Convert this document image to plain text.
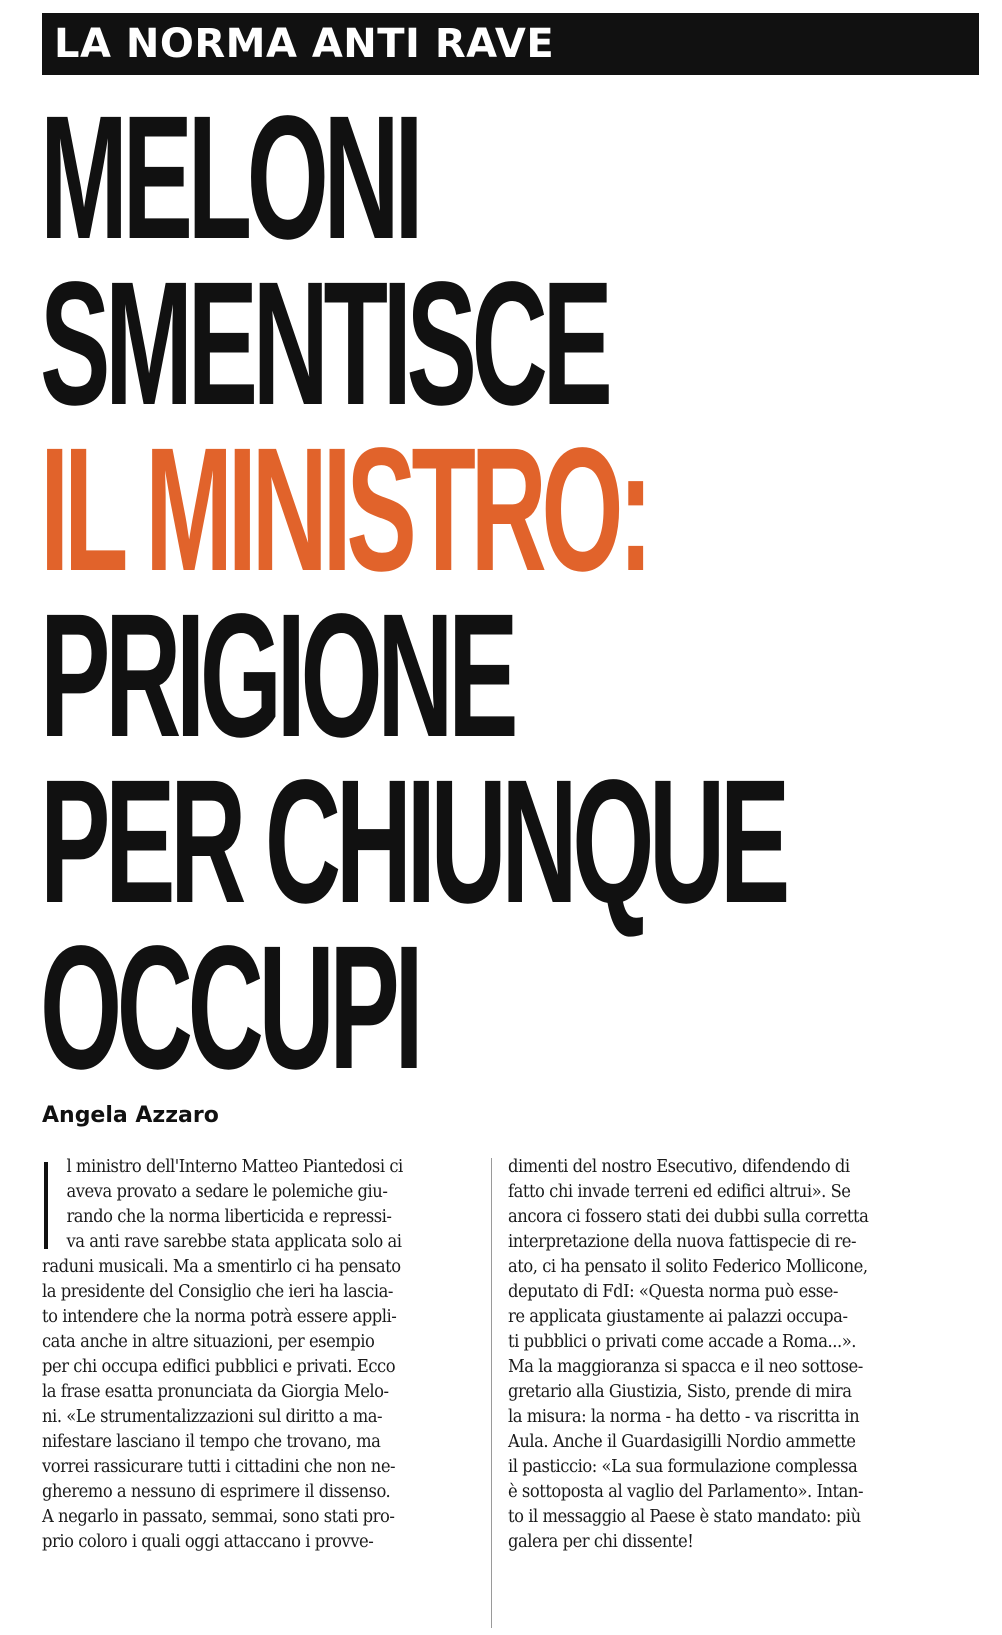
LA NORMA ANTI RAVE
MELONI
SMENTISCE
IL MINISTRO:
PRIGIONE
PER CHIUNQUE
OCCUPI
Angela Azzaro
l ministro dell'Interno Matteo Piantedosi ci
aveva provato a sedare le polemiche giu-
rando che la norma liberticida e repressi-
va anti rave sarebbe stata applicata solo ai
raduni musicali. Ma a smentirlo ci ha pensato
la presidente del Consiglio che ieri ha lascia-
to intendere che la norma potrà essere appli-
cata anche in altre situazioni, per esempio
per chi occupa edifici pubblici e privati. Ecco
la frase esatta pronunciata da Giorgia Melo-
ni. «Le strumentalizzazioni sul diritto a ma-
nifestare lasciano il tempo che trovano, ma
vorrei rassicurare tutti i cittadini che non ne-
gheremo a nessuno di esprimere il dissenso.
A negarlo in passato, semmai, sono stati pro-
prio coloro i quali oggi attaccano i provve-
dimenti del nostro Esecutivo, difendendo di
fatto chi invade terreni ed edifici altrui». Se
ancora ci fossero stati dei dubbi sulla corretta
interpretazione della nuova fattispecie di re-
ato, ci ha pensato il solito Federico Mollicone,
deputato di FdI: «Questa norma può esse-
re applicata giustamente ai palazzi occupa-
ti pubblici o privati come accade a Roma...».
Ma la maggioranza si spacca e il neo sottose-
gretario alla Giustizia, Sisto, prende di mira
la misura: la norma - ha detto - va riscritta in
Aula. Anche il Guardasigilli Nordio ammette
il pasticcio: «La sua formulazione complessa
è sottoposta al vaglio del Parlamento». Intan-
to il messaggio al Paese è stato mandato: più
galera per chi dissente!
